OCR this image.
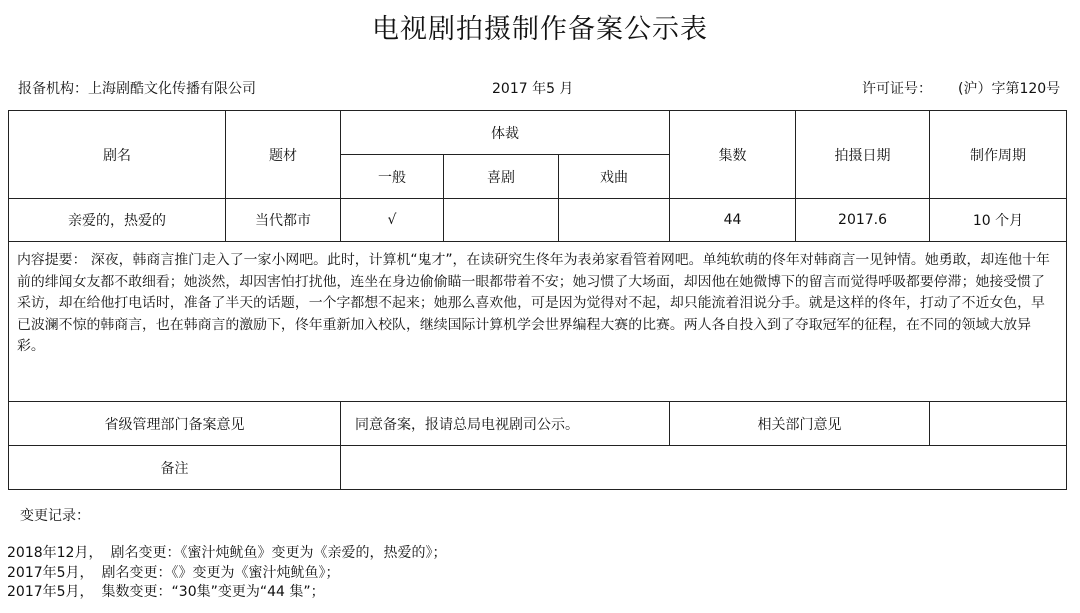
电视剧拍摄制作备案公示表
报备机构：上海剧酷文化传播有限公司	2017 年5 月	许可证号： (沪）字第120号
剧名	题材	体裁			集数	拍摄日期	制作周期
		一般	喜剧	戏曲			
亲爱的，热爱的	当代都市	√			44	2017.6	10 个月
内容提要： 深夜，韩商言推门走入了一家小网吧。此时，计算机“鬼才”，在读研究生佟年为表弟家看管着网吧。单纯软萌的佟年对韩商言一见钟情。她勇敢，却连他十年前的绯闻女友都不敢细看；她淡然，却因害怕打扰他，连坐在身边偷偷瞄一眼都带着不安；她习惯了大场面，却因他在她微博下的留言而觉得呼吸都要停滞；她接受惯了采访，却在给他打电话时，准备了半天的话题，一个字都想不起来；她那么喜欢他，可是因为觉得对不起，却只能流着泪说分手。就是这样的佟年，打动了不近女色，早已波澜不惊的韩商言，也在韩商言的激励下，佟年重新加入校队，继续国际计算机学会世界编程大赛的比赛。两人各自投入到了夺取冠军的征程，在不同的领域大放异彩。							
省级管理部门备案意见		同意备案，报请总局电视剧司公示。			相关部门意见		
备注							
变更记录：
2018年12月， 剧名变更：《蜜汁炖鱿鱼》变更为《亲爱的，热爱的》；
2017年5月， 剧名变更：《》变更为《蜜汁炖鱿鱼》；
2017年5月， 集数变更：“30集”变更为“44 集”；
